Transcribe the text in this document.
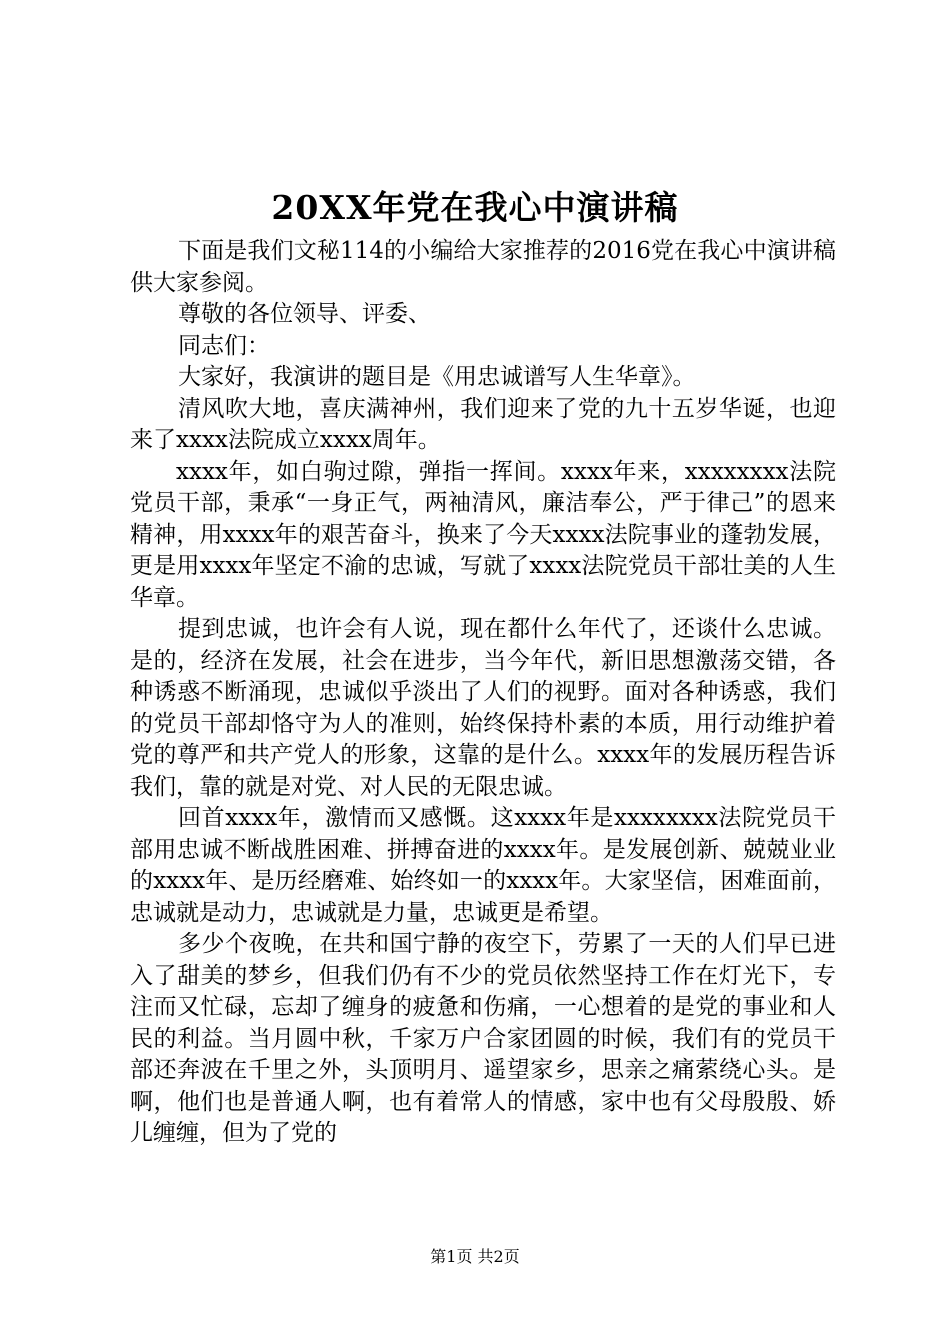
20XX年党在我心中演讲稿

下面是我们文秘114的小编给大家推荐的2016党在我心中演讲稿供大家参阅。

尊敬的各位领导、评委、

同志们：

大家好，我演讲的题目是《用忠诚谱写人生华章》。

清风吹大地，喜庆满神州，我们迎来了党的九十五岁华诞，也迎来了xxxx法院成立xxxx周年。

xxxx年，如白驹过隙，弹指一挥间。xxxx年来，xxxxxxxx法院党员干部，秉承“一身正气，两袖清风，廉洁奉公，严于律己”的恩来精神，用xxxx年的艰苦奋斗，换来了今天xxxx法院事业的蓬勃发展，更是用xxxx年坚定不渝的忠诚，写就了xxxx法院党员干部壮美的人生华章。

提到忠诚，也许会有人说，现在都什么年代了，还谈什么忠诚。是的，经济在发展，社会在进步，当今年代，新旧思想激荡交错，各种诱惑不断涌现，忠诚似乎淡出了人们的视野。面对各种诱惑，我们的党员干部却恪守为人的准则，始终保持朴素的本质，用行动维护着党的尊严和共产党人的形象，这靠的是什么。xxxx年的发展历程告诉我们，靠的就是对党、对人民的无限忠诚。

回首xxxx年，激情而又感慨。这xxxx年是xxxxxxxx法院党员干部用忠诚不断战胜困难、拼搏奋进的xxxx年。是发展创新、兢兢业业的xxxx年、是历经磨难、始终如一的xxxx年。大家坚信，困难面前，忠诚就是动力，忠诚就是力量，忠诚更是希望。

多少个夜晚，在共和国宁静的夜空下，劳累了一天的人们早已进入了甜美的梦乡，但我们仍有不少的党员依然坚持工作在灯光下，专注而又忙碌，忘却了缠身的疲惫和伤痛，一心想着的是党的事业和人民的利益。当月圆中秋，千家万户合家团圆的时候，我们有的党员干部还奔波在千里之外，头顶明月、遥望家乡，思亲之痛萦绕心头。是啊，他们也是普通人啊，也有着常人的情感，家中也有父母殷殷、娇儿缠缠，但为了党的

第1页 共2页
